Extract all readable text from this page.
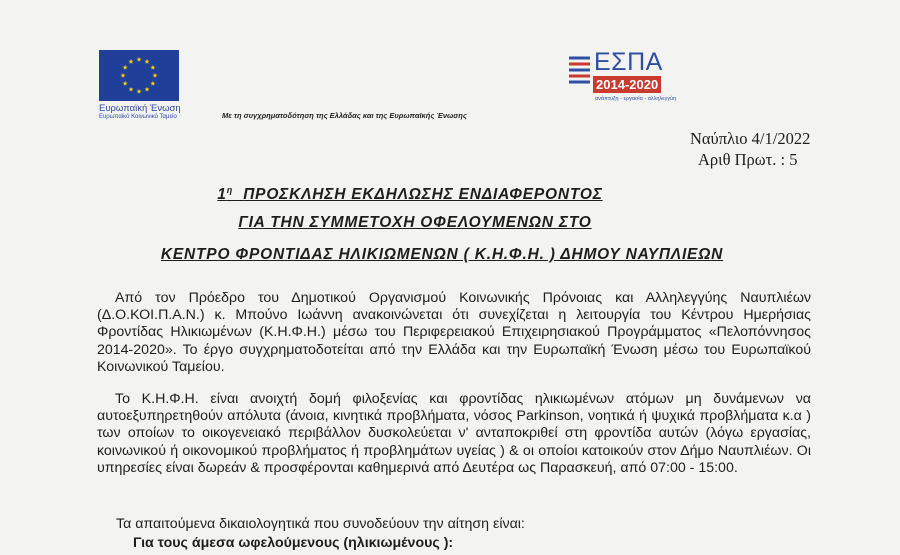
Ευρωπαϊκή Ένωση
Ευρωπαϊκό Κοινωνικό Ταμείο	Με τη συγχρηματοδότηση της Ελλάδας και της Ευρωπαϊκής Ένωσης
ΕΣΠΑ
2014-2020
ανάπτυξη - εργασία - αλληλεγγύη
Ναύπλιο 4/1/2022
Αριθ Πρωτ. : 5
$1^\eta$ ΠΡΟΣΚΛΗΣΗ ΕΚΔΗΛΩΣΗΣ ΕΝΔΙΑΦΕΡΟΝΤΟΣ
ΓΙΑ ΤΗΝ ΣΥΜΜΕΤΟΧΗ ΟΦΕΛΟΥΜΕΝΩΝ ΣΤΟ
ΚΕΝΤΡΟ ΦΡΟΝΤΙΔΑΣ ΗΛΙΚΙΩΜΕΝΩΝ ( Κ.Η.Φ.Η. ) ΔΗΜΟΥ ΝΑΥΠΛΙΕΩΝ
Από τον Πρόεδρο του Δημοτικού Οργανισμού Κοινωνικής Πρόνοιας και Αλληλεγγύης Ναυπλιέων (Δ.Ο.ΚΟΙ.Π.Α.Ν.) κ. Μπούνο Ιωάννη ανακοινώνεται ότι συνεχίζεται η λειτουργία του Κέντρου Ημερήσιας Φροντίδας Ηλικιωμένων (Κ.Η.Φ.Η.) μέσω του Περιφερειακού Επιχειρησιακού Προγράμματος «Πελοπόννησος 2014-2020». Το έργο συγχρηματοδοτείται από την Ελλάδα και την Ευρωπαϊκή Ένωση μέσω του Ευρωπαϊκού Κοινωνικού Ταμείου.
Το Κ.Η.Φ.Η. είναι ανοιχτή δομή φιλοξενίας και φροντίδας ηλικιωμένων ατόμων μη δυνάμενων να αυτοεξυπηρετηθούν απόλυτα (άνοια, κινητικά προβλήματα, νόσος Parkinson, νοητικά ή ψυχικά προβλήματα κ.α ) των οποίων το οικογενειακό περιβάλλον δυσκολεύεται ν' ανταποκριθεί στη φροντίδα αυτών (λόγω εργασίας, κοινωνικού ή οικονομικού προβλήματος ή προβλημάτων υγείας ) & οι οποίοι κατοικούν στον Δήμο Ναυπλιέων. Οι υπηρεσίες είναι δωρεάν & προσφέρονται καθημερινά από Δευτέρα ως Παρασκευή, από 07:00 - 15:00.
Τα απαιτούμενα δικαιολογητικά που συνοδεύουν την αίτηση είναι:
Για τους άμεσα ωφελούμενους (ηλικιωμένους ):
